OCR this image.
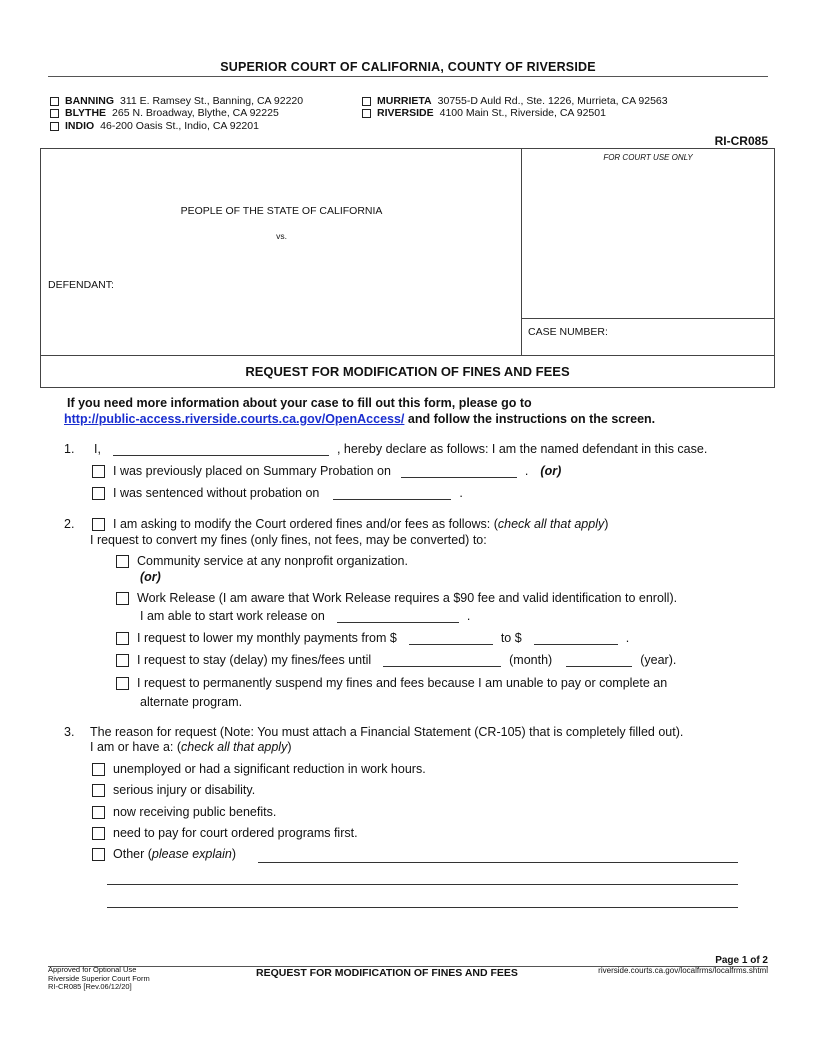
SUPERIOR COURT OF CALIFORNIA, COUNTY OF RIVERSIDE
BANNING 311 E. Ramsey St., Banning, CA 92220
BLYTHE 265 N. Broadway, Blythe, CA 92225
INDIO 46-200 Oasis St., Indio, CA 92201
MURRIETA 30755-D Auld Rd., Ste. 1226, Murrieta, CA 92563
RIVERSIDE 4100 Main St., Riverside, CA 92501
RI-CR085
PEOPLE OF THE STATE OF CALIFORNIA
vs.
DEFENDANT:
FOR COURT USE ONLY
CASE NUMBER:
REQUEST FOR MODIFICATION OF FINES AND FEES
If you need more information about your case to fill out this form, please go to
http://public-access.riverside.courts.ca.gov/OpenAccess/ and follow the instructions on the screen.
1.	I,	, hereby declare as follows: I am the named defendant in this case.
I was previously placed on Summary Probation on	. (or)
I was sentenced without probation on	.
2.	I am asking to modify the Court ordered fines and/or fees as follows: (check all that apply)
I request to convert my fines (only fines, not fees, may be converted) to:
Community service at any nonprofit organization.
(or)
Work Release (I am aware that Work Release requires a $90 fee and valid identification to enroll).
I am able to start work release on	.
I request to lower my monthly payments from $	to $	.
I request to stay (delay) my fines/fees until	(month)	(year).
I request to permanently suspend my fines and fees because I am unable to pay or complete an
alternate program.
3.	The reason for request (Note: You must attach a Financial Statement (CR-105) that is completely filled out).
I am or have a: (check all that apply)
unemployed or had a significant reduction in work hours.
serious injury or disability.
now receiving public benefits.
need to pay for court ordered programs first.
Other (please explain)
Page 1 of 2
Approved for Optional Use
Riverside Superior Court Form
RI-CR085 [Rev.06/12/20]
REQUEST FOR MODIFICATION OF FINES AND FEES	riverside.courts.ca.gov/localfrms/localfrms.shtml
